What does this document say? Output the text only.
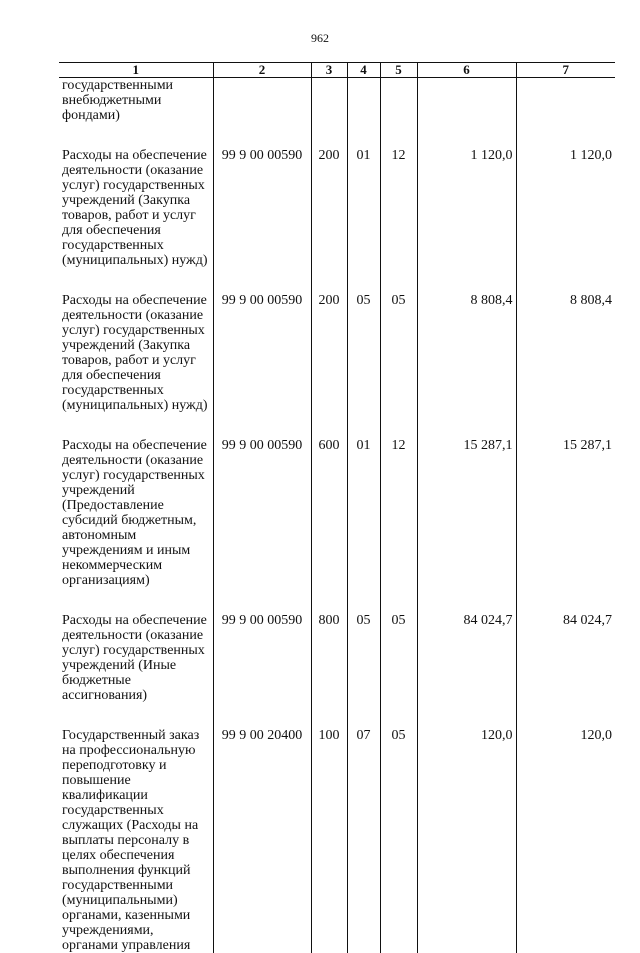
962
1	2	3	4	5	6	7
государственными внебюджетными фондами)						
Расходы на обеспечение деятельности (оказание услуг) государственных учреждений (Закупка товаров, работ и услуг для обеспечения государственных (муниципальных) нужд)	99 9 00 00590	200	01	12	1 120,0	1 120,0
Расходы на обеспечение деятельности (оказание услуг) государственных учреждений (Закупка товаров, работ и услуг для обеспечения государственных (муниципальных) нужд)	99 9 00 00590	200	05	05	8 808,4	8 808,4
Расходы на обеспечение деятельности (оказание услуг) государственных учреждений (Предоставление субсидий бюджетным, автономным учреждениям и иным некоммерческим организациям)	99 9 00 00590	600	01	12	15 287,1	15 287,1
Расходы на обеспечение деятельности (оказание услуг) государственных учреждений (Иные бюджетные ассигнования)	99 9 00 00590	800	05	05	84 024,7	84 024,7
Государственный заказ на профессиональную переподготовку и повышение квалификации государственных служащих (Расходы на выплаты персоналу в целях обеспечения выполнения функций государственными (муниципальными) органами, казенными учреждениями, органами управления	99 9 00 20400	100	07	05	120,0	120,0
